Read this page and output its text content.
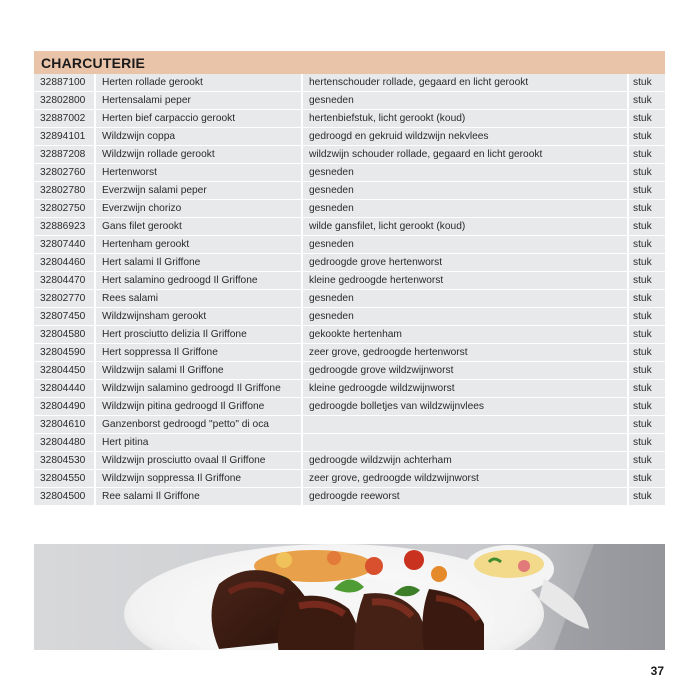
CHARCUTERIE
32887100	Herten rollade gerookt	hertenschouder rollade, gegaard en licht gerookt	stuk
32802800	Hertensalami peper	gesneden	stuk
32887002	Herten bief carpaccio gerookt	hertenbiefstuk, licht gerookt (koud)	stuk
32894101	Wildzwijn coppa	gedroogd en gekruid wildzwijn nekvlees	stuk
32887208	Wildzwijn rollade gerookt	wildzwijn schouder rollade, gegaard en licht gerookt	stuk
32802760	Hertenworst	gesneden	stuk
32802780	Everzwijn salami peper	gesneden	stuk
32802750	Everzwijn chorizo	gesneden	stuk
32886923	Gans filet gerookt	wilde gansfilet, licht gerookt (koud)	stuk
32807440	Hertenham gerookt	gesneden	stuk
32804460	Hert salami Il Griffone	gedroogde grove hertenworst	stuk
32804470	Hert salamino gedroogd Il Griffone	kleine gedroogde hertenworst	stuk
32802770	Rees salami	gesneden	stuk
32807450	Wildzwijnsham gerookt	gesneden	stuk
32804580	Hert prosciutto delizia Il Griffone	gekookte hertenham	stuk
32804590	Hert soppressa Il Griffone	zeer grove, gedroogde hertenworst	stuk
32804450	Wildzwijn salami Il Griffone	gedroogde grove wildzwijnworst	stuk
32804440	Wildzwijn salamino gedroogd Il Griffone	kleine gedroogde wildzwijnworst	stuk
32804490	Wildzwijn pitina gedroogd Il Griffone	gedroogde bolletjes van wildzwijnvlees	stuk
32804610	Ganzenborst gedroogd "petto" di oca		stuk
32804480	Hert pitina		stuk
32804530	Wildzwijn prosciutto ovaal Il Griffone	gedroogde wildzwijn achterham	stuk
32804550	Wildzwijn soppressa Il Griffone	zeer grove, gedroogde wildzwijnworst	stuk
32804500	Ree salami Il Griffone	gedroogde reeworst	stuk
37
